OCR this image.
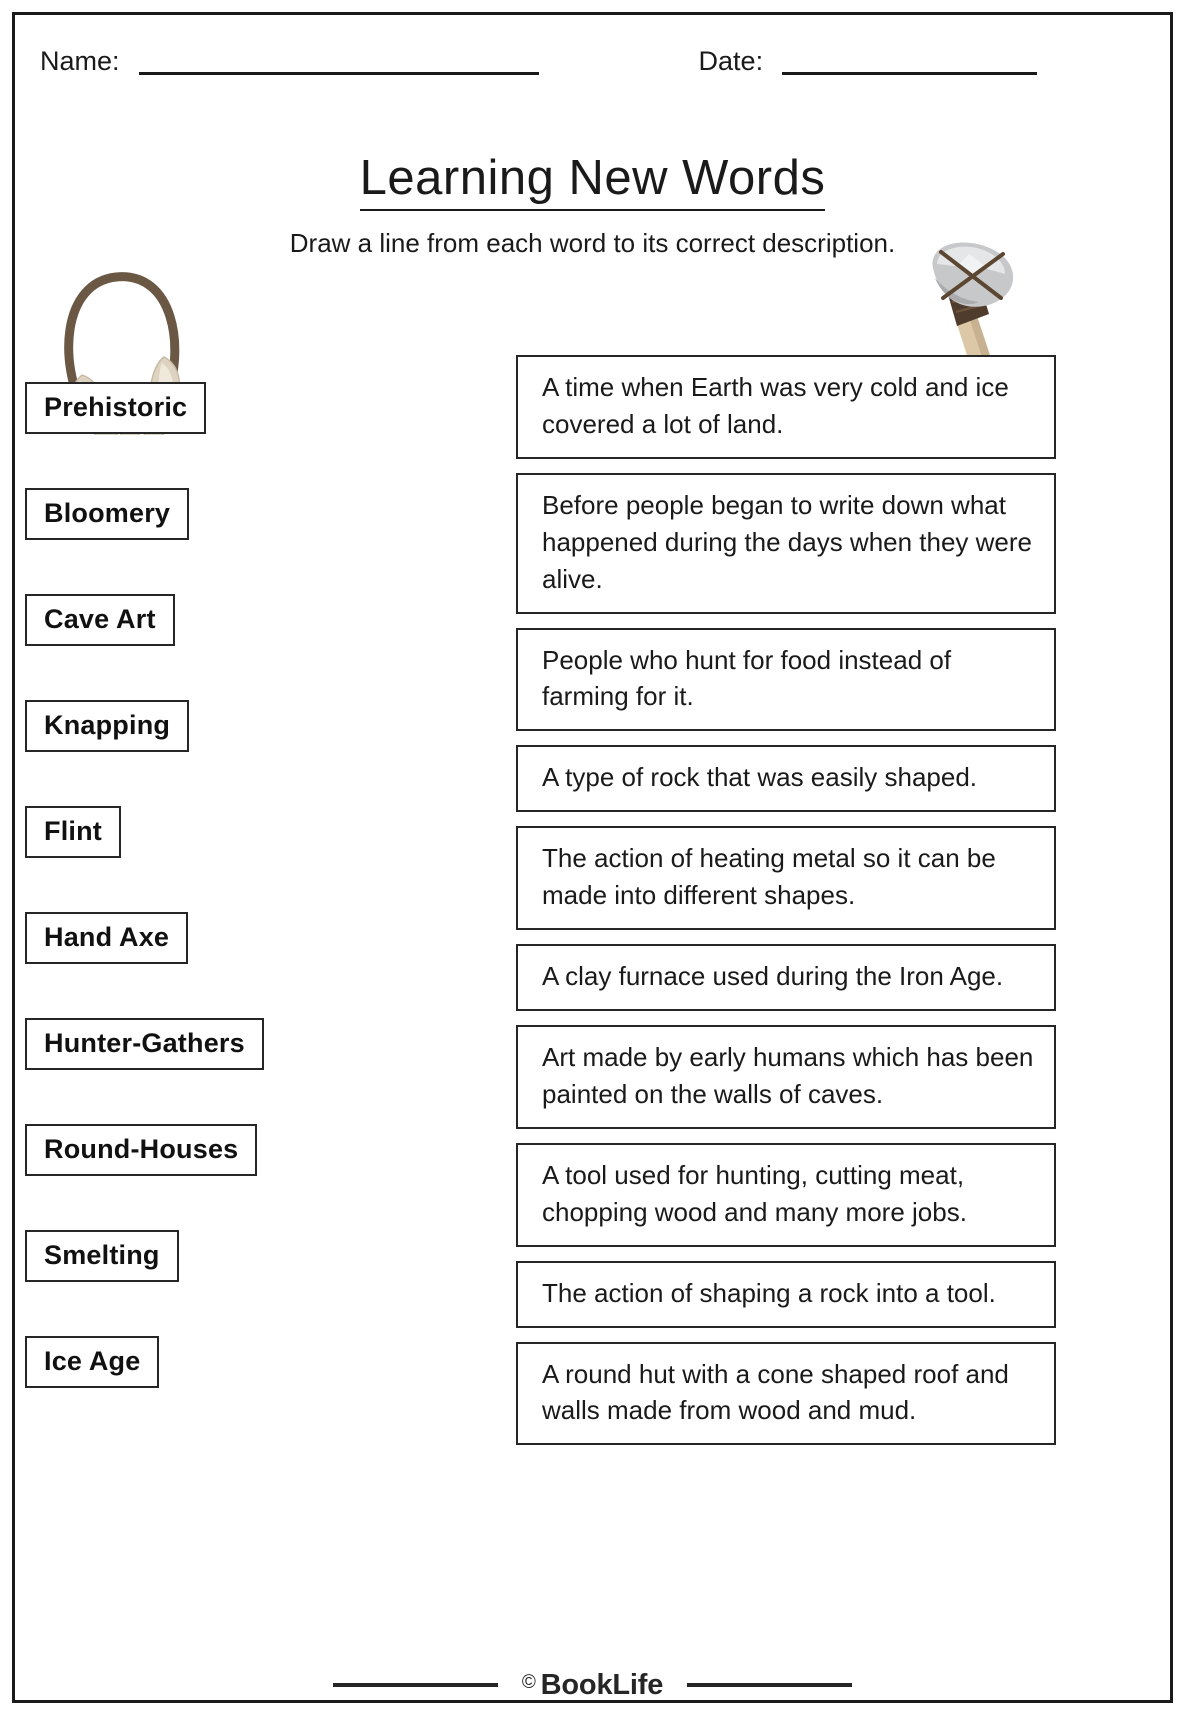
Name:	Date:
Learning New Words
Draw a line from each word to its correct description.
Prehistoric
Bloomery
Cave Art
Knapping
Flint
Hand Axe
Hunter-Gathers
Round-Houses
Smelting
Ice Age
A time when Earth was very cold and ice covered a lot of land.
Before people began to write down what happened during the days when they were alive.
People who hunt for food instead of farming for it.
A type of rock that was easily shaped.
The action of heating metal so it can be made into different shapes.
A clay furnace used during the Iron Age.
Art made by early humans which has been painted on the walls of caves.
A tool used for hunting, cutting meat, chopping wood and many more jobs.
The action of shaping a rock into a tool.
A round hut with a cone shaped roof and walls made from wood and mud.
© BookLife
